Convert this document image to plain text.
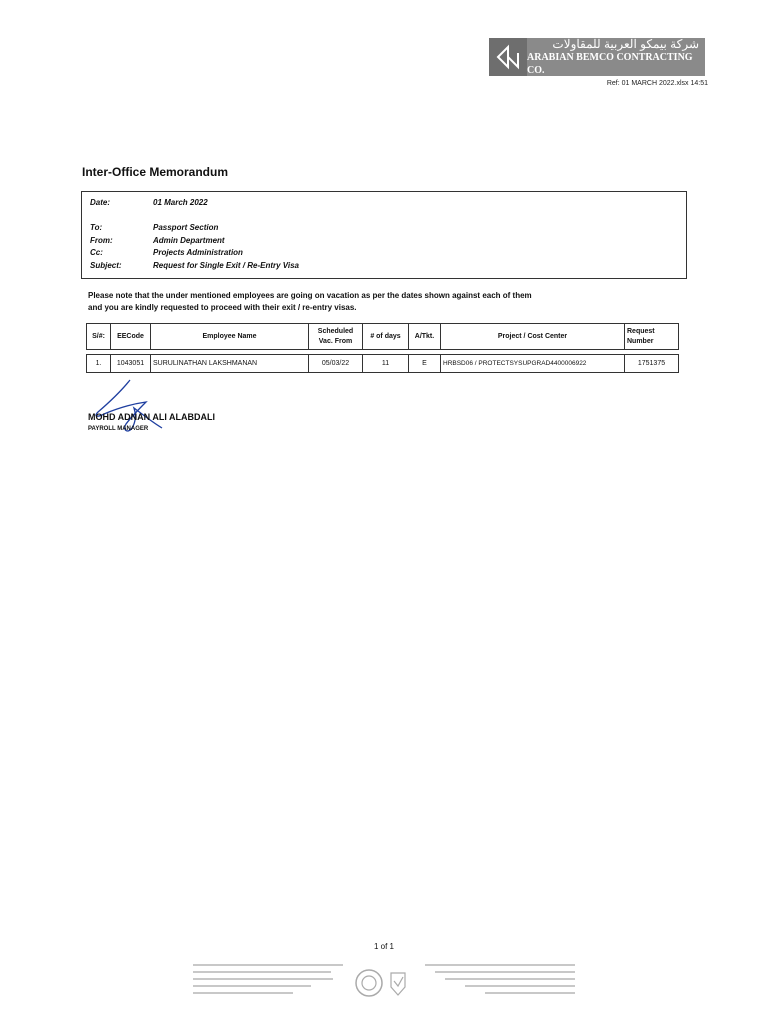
شركة بيمكو العربية للمقاولات
ARABIAN BEMCO CONTRACTING CO.
Ref: 01 MARCH 2022.xlsx 14:51
Inter-Office Memorandum
Date:	01 March 2022
To:	Passport Section
From:	Admin Department
Cc:	Projects Administration
Subject:	Request for Single Exit / Re-Entry Visa
Please note that the under mentioned employees are going on vacation as per the dates shown against each of them
and you are kindly requested to proceed with their exit / re-entry visas.
S/#:	EECode	Employee Name	Scheduled Vac. From	# of days	A/Tkt.	Project / Cost Center	Request Number

1.	1043051	SURULINATHAN LAKSHMANAN	05/03/22	11	E	HRBSD06 / PROTECTSYSUPGRAD4400006922	1751375
MOHD ADNAN ALI ALABDALI
PAYROLL MANAGER
1 of 1
